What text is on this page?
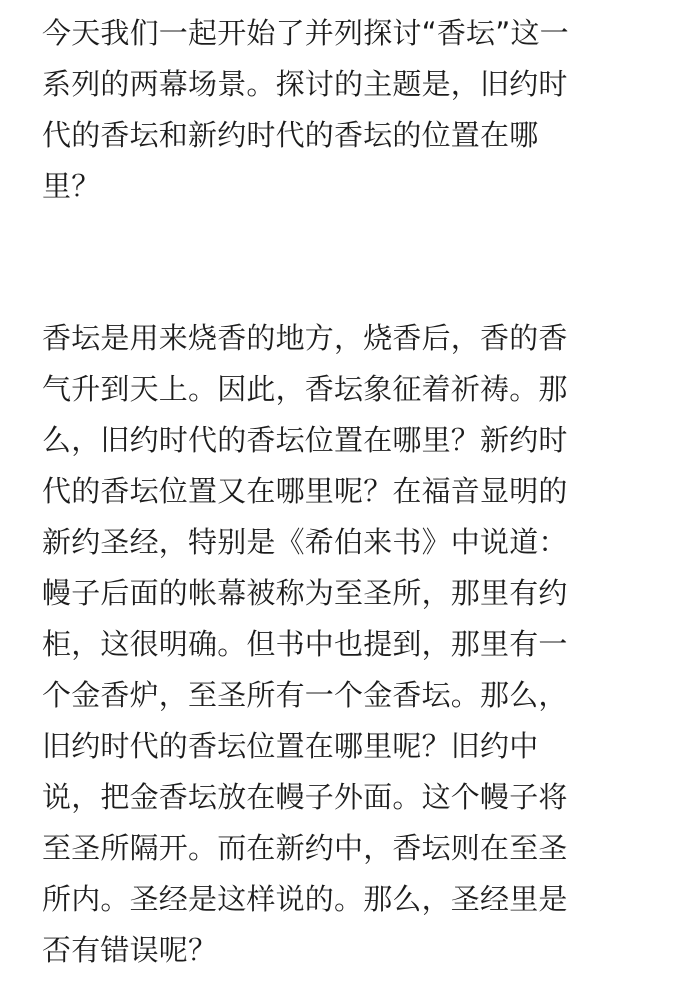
今天我们一起开始了并列探讨“香坛”这一
系列的两幕场景。探讨的主题是，旧约时
代的香坛和新约时代的香坛的位置在哪
里？
香坛是用来烧香的地方，烧香后，香的香
气升到天上。因此，香坛象征着祈祷。那
么，旧约时代的香坛位置在哪里？新约时
代的香坛位置又在哪里呢？在福音显明的
新约圣经，特别是《希伯来书》中说道：
幔子后面的帐幕被称为至圣所，那里有约
柜，这很明确。但书中也提到，那里有一
个金香炉，至圣所有一个金香坛。那么，
旧约时代的香坛位置在哪里呢？旧约中
说，把金香坛放在幔子外面。这个幔子将
至圣所隔开。而在新约中，香坛则在至圣
所内。圣经是这样说的。那么，圣经里是
否有错误呢？
